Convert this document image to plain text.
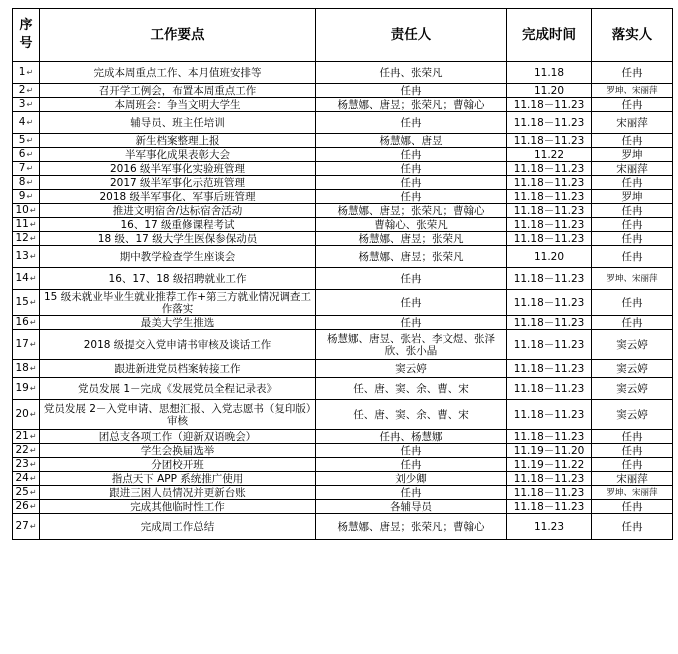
序号	工作要点	责任人	完成时间	落实人
1↵	完成本周重点工作、本月值班安排等	任冉、张荣凡	11.18	任冉
2↵	召开学工例会，布置本周重点工作	任冉	11.20	罗坤、宋丽萍
3↵	本周班会：争当文明大学生	杨慧娜、唐昱；张荣凡；曹翰心	11.18－11.23	任冉
4↵	辅导员、班主任培训	任冉	11.18－11.23	宋丽萍
5↵	新生档案整理上报	杨慧娜、唐昱	11.18－11.23	任冉
6↵	半军事化成果表彰大会	任冉	11.22	罗坤
7↵	2016 级半军事化实验班管理	任冉	11.18－11.23	宋丽萍
8↵	2017 级半军事化示范班管理	任冉	11.18－11.23	任冉
9↵	2018 级半军事化、军事后班管理	任冉	11.18－11.23	罗坤
10↵	推进文明宿舍/达标宿舍活动	杨慧娜、唐昱；张荣凡；曹翰心	11.18－11.23	任冉
11↵	16、17 级重修课程考试	曹翰心、张荣凡	11.18－11.23	任冉
12↵	18 级、17 级大学生医保参保动员	杨慧娜、唐昱；张荣凡	11.18－11.23	任冉
13↵	期中教学检查学生座谈会	杨慧娜、唐昱；张荣凡	11.20	任冉
14↵	16、17、18 级招聘就业工作	任冉	11.18－11.23	罗坤、宋丽萍
15↵	15 级未就业毕业生就业推荐工作+第三方就业情况调查工作落实	任冉	11.18－11.23	任冉
16↵	最美大学生推选	任冉	11.18－11.23	任冉
17↵	2018 级提交入党申请书审核及谈话工作	杨慧娜、唐昱、张岩、李文煜、张泽欣、张小晶	11.18－11.23	窦云婷
18↵	跟进新进党员档案转接工作	窦云婷	11.18－11.23	窦云婷
19↵	党员发展 1－完成《发展党员全程记录表》	任、唐、窦、余、曹、宋	11.18－11.23	窦云婷
20↵	党员发展 2－入党申请、思想汇报、入党志愿书（复印版）审核	任、唐、窦、余、曹、宋	11.18－11.23	窦云婷
21↵	团总支各项工作（迎新双语晚会）	任冉、杨慧娜	11.18－11.23	任冉
22↵	学生会换届选举	任冉	11.19－11.20	任冉
23↵	分团校开班	任冉	11.19－11.22	任冉
24↵	指点天下 APP 系统推广使用	刘少卿	11.18－11.23	宋丽萍
25↵	跟进三困人员情况并更新台账	任冉	11.18－11.23	罗坤、宋丽萍
26↵	完成其他临时性工作	各辅导员	11.18－11.23	任冉
27↵	完成周工作总结	杨慧娜、唐昱；张荣凡；曹翰心	11.23	任冉
